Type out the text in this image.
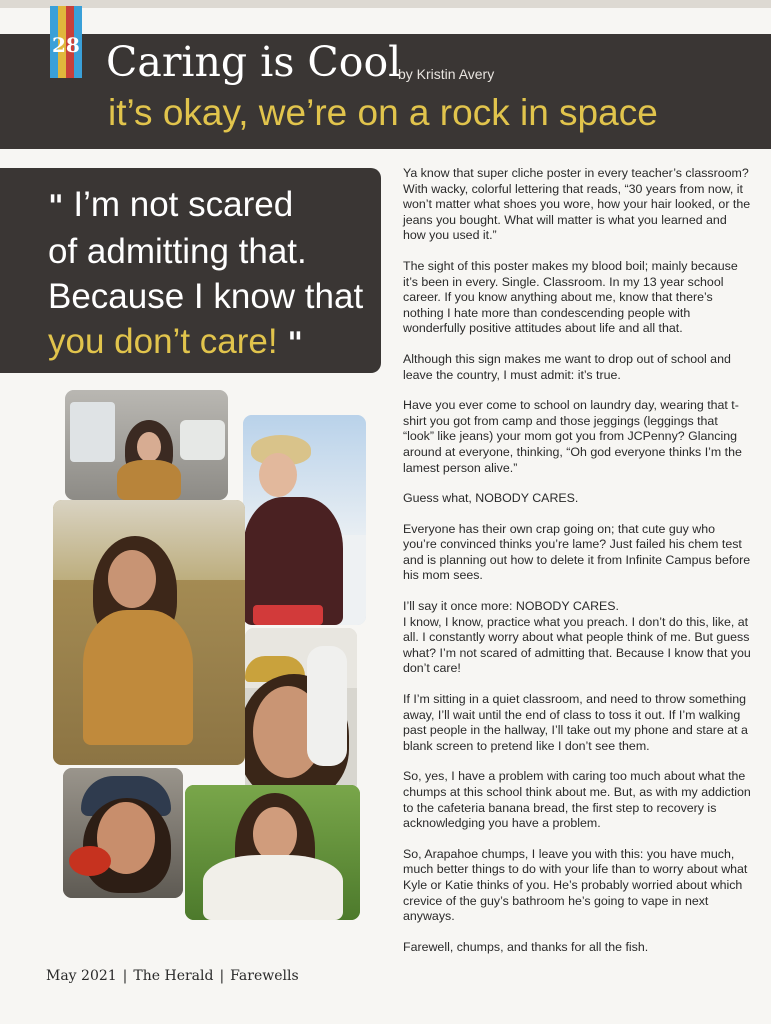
28 Caring is Cool
by Kristin Avery
it’s okay, we’re on a rock in space
" I’m not scared
of admitting that.
Because I know that
you don’t care! "

Ya know that super cliche poster in every teacher’s classroom? With wacky, colorful lettering that reads, “30 years from now, it won’t matter what shoes you wore, how your hair looked, or the jeans you bought. What will matter is what you learned and how you used it.”

The sight of this poster makes my blood boil; mainly because it’s been in every. Single. Classroom. In my 13 year school career. If you know anything about me, know that there’s nothing I hate more than condescending people with wonderfully positive attitudes about life and all that.

Although this sign makes me want to drop out of school and leave the country, I must admit: it’s true.

Have you ever come to school on laundry day, wearing that t-shirt you got from camp and those jeggings (leggings that “look” like jeans) your mom got you from JCPenny? Glancing around at everyone, thinking, “Oh god everyone thinks I’m the lamest person alive.”

Guess what, NOBODY CARES.

Everyone has their own crap going on; that cute guy who you’re convinced thinks you’re lame? Just failed his chem test and is planning out how to delete it from Infinite Campus before his mom sees.

I’ll say it once more: NOBODY CARES.

I know, I know, practice what you preach. I don’t do this, like, at all. I constantly worry about what people think of me. But guess what? I’m not scared of admitting that. Because I know that you don’t care!

If I’m sitting in a quiet classroom, and need to throw something away, I’ll wait until the end of class to toss it out. If I’m walking past people in the hallway, I’ll take out my phone and stare at a blank screen to pretend like I don’t see them.

So, yes, I have a problem with caring too much about what the chumps at this school think about me. But, as with my addiction to the cafeteria banana bread, the first step to recovery is acknowledging you have a problem.

So, Arapahoe chumps, I leave you with this: you have much, much better things to do with your life than to worry about what Kyle or Katie thinks of you. He’s probably worried about which crevice of the guy’s bathroom he’s going to vape in next anyways.

Farewell, chumps, and thanks for all the fish.

May 2021 | The Herald | Farewells
